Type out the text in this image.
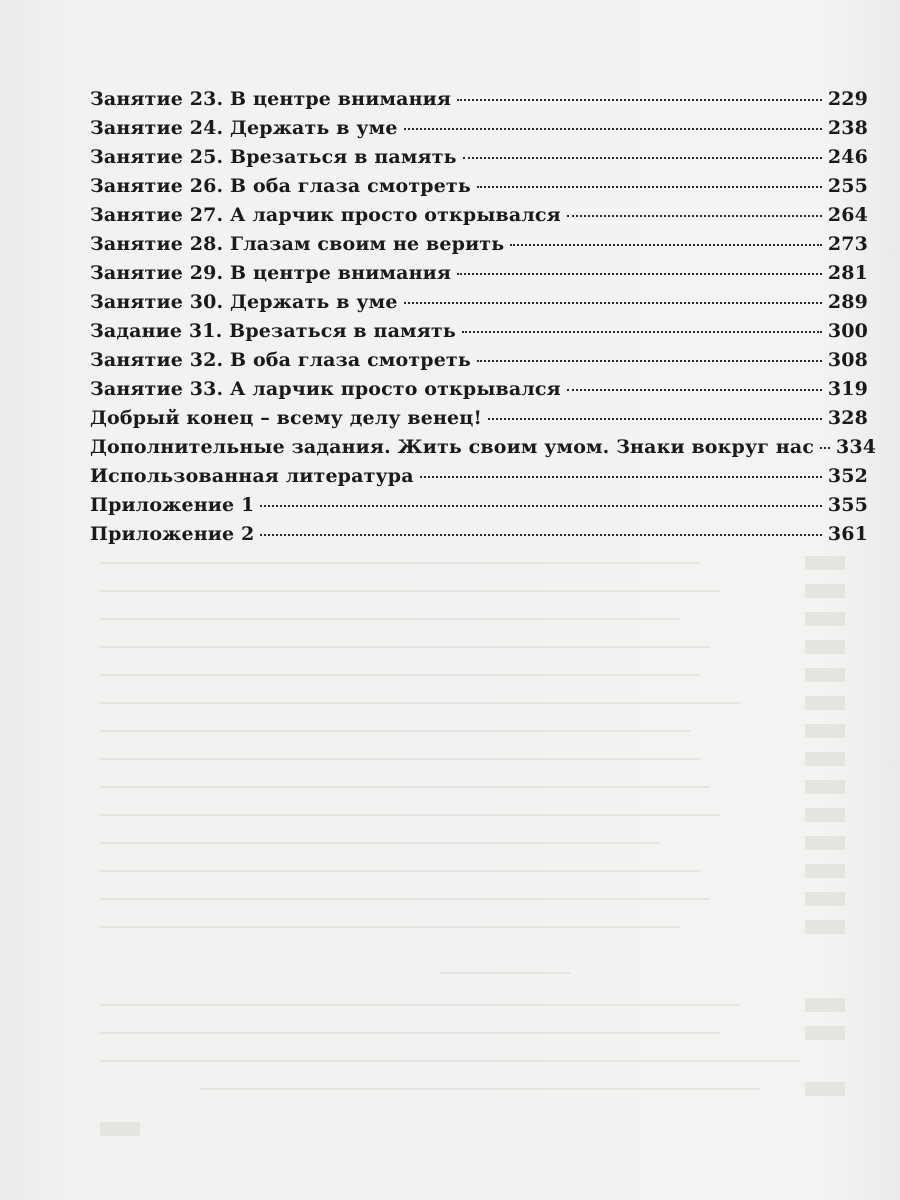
Занятие 23. В центре внимания	229
Занятие 24. Держать в уме	238
Занятие 25. Врезаться в память	246
Занятие 26. В оба глаза смотреть	255
Занятие 27. А ларчик просто открывался	264
Занятие 28. Глазам своим не верить	273
Занятие 29. В центре внимания	281
Занятие 30. Держать в уме	289
Задание 31. Врезаться в память	300
Занятие 32. В оба глаза смотреть	308
Занятие 33. А ларчик просто открывался	319
Добрый конец – всему делу венец!	328
Дополнительные задания. Жить своим умом. Знаки вокруг нас 334
Использованная литература	352
Приложение 1	355
Приложение 2	361
